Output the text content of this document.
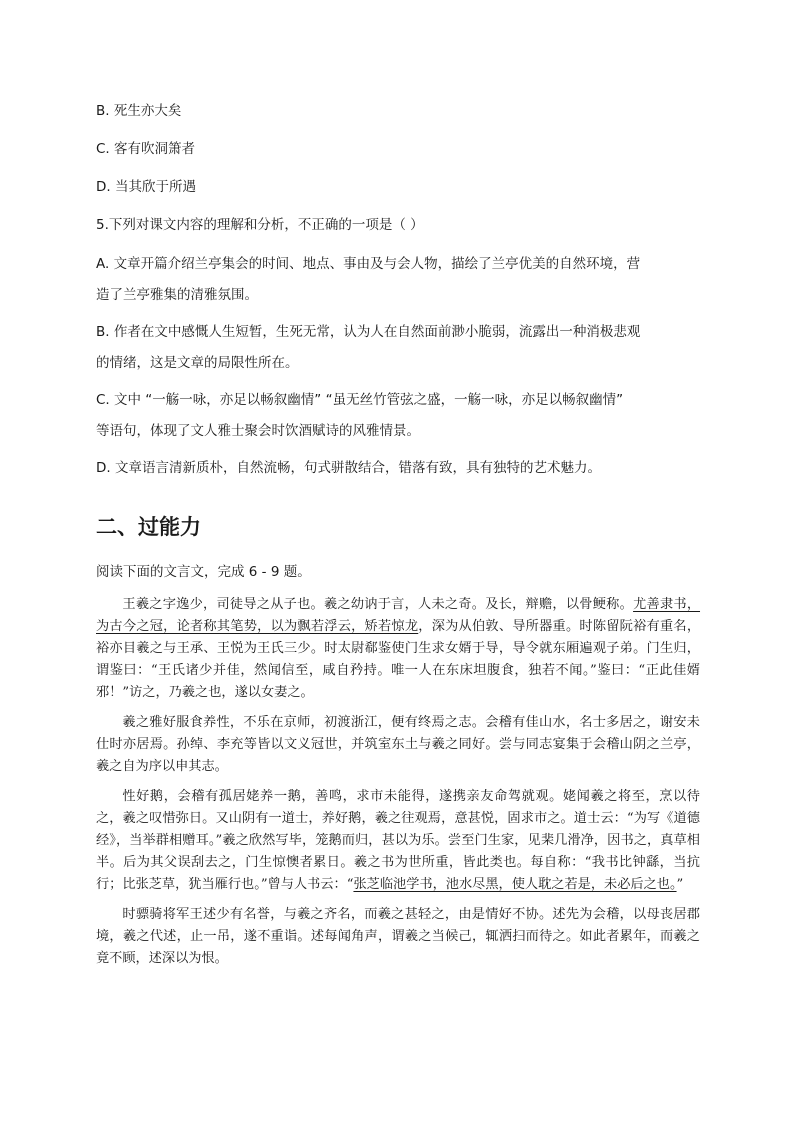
B. 死生亦大矣
C. 客有吹洞箫者
D. 当其欣于所遇
5.下列对课文内容的理解和分析，不正确的一项是（ ）
A. 文章开篇介绍兰亭集会的时间、地点、事由及与会人物，描绘了兰亭优美的自然环境，营
造了兰亭雅集的清雅氛围。
B. 作者在文中感慨人生短暂，生死无常，认为人在自然面前渺小脆弱，流露出一种消极悲观
的情绪，这是文章的局限性所在。
C. 文中 “一觞一咏，亦足以畅叙幽情” “虽无丝竹管弦之盛，一觞一咏，亦足以畅叙幽情”
等语句，体现了文人雅士聚会时饮酒赋诗的风雅情景。
D. 文章语言清新质朴，自然流畅，句式骈散结合，错落有致，具有独特的艺术魅力。
二、过能力
阅读下面的文言文，完成 6 - 9 题。

王羲之字逸少，司徒导之从子也。羲之幼讷于言，人未之奇。及长，辩赡，以骨鲠称。尤善隶书，为古今之冠，论者称其笔势，以为飘若浮云，矫若惊龙，深为从伯敦、导所器重。时陈留阮裕有重名，裕亦目羲之与王承、王悦为王氏三少。时太尉郗鉴使门生求女婿于导，导令就东厢遍观子弟。门生归，谓鉴曰：“王氏诸少并佳，然闻信至，咸自矜持。唯一人在东床坦腹食，独若不闻。”鉴曰：“正此佳婿邪！”访之，乃羲之也，遂以女妻之。

羲之雅好服食养性，不乐在京师，初渡浙江，便有终焉之志。会稽有佳山水，名士多居之，谢安未仕时亦居焉。孙绰、李充等皆以文义冠世，并筑室东土与羲之同好。尝与同志宴集于会稽山阴之兰亭，羲之自为序以申其志。

性好鹅，会稽有孤居姥养一鹅，善鸣，求市未能得，遂携亲友命驾就观。姥闻羲之将至，烹以待之，羲之叹惜弥日。又山阴有一道士，养好鹅，羲之往观焉，意甚悦，固求市之。道士云：“为写《道德经》，当举群相赠耳。”羲之欣然写毕，笼鹅而归，甚以为乐。尝至门生家，见棐几滑净，因书之，真草相半。后为其父误刮去之，门生惊懊者累日。羲之书为世所重，皆此类也。每自称：“我书比钟繇，当抗行；比张芝草，犹当雁行也。”曾与人书云：“张芝临池学书，池水尽黑，使人耽之若是，未必后之也。”

时骠骑将军王述少有名誉，与羲之齐名，而羲之甚轻之，由是情好不协。述先为会稽，以母丧居郡境，羲之代述，止一吊，遂不重诣。述每闻角声，谓羲之当候己，辄洒扫而待之。如此者累年，而羲之竟不顾，述深以为恨。
